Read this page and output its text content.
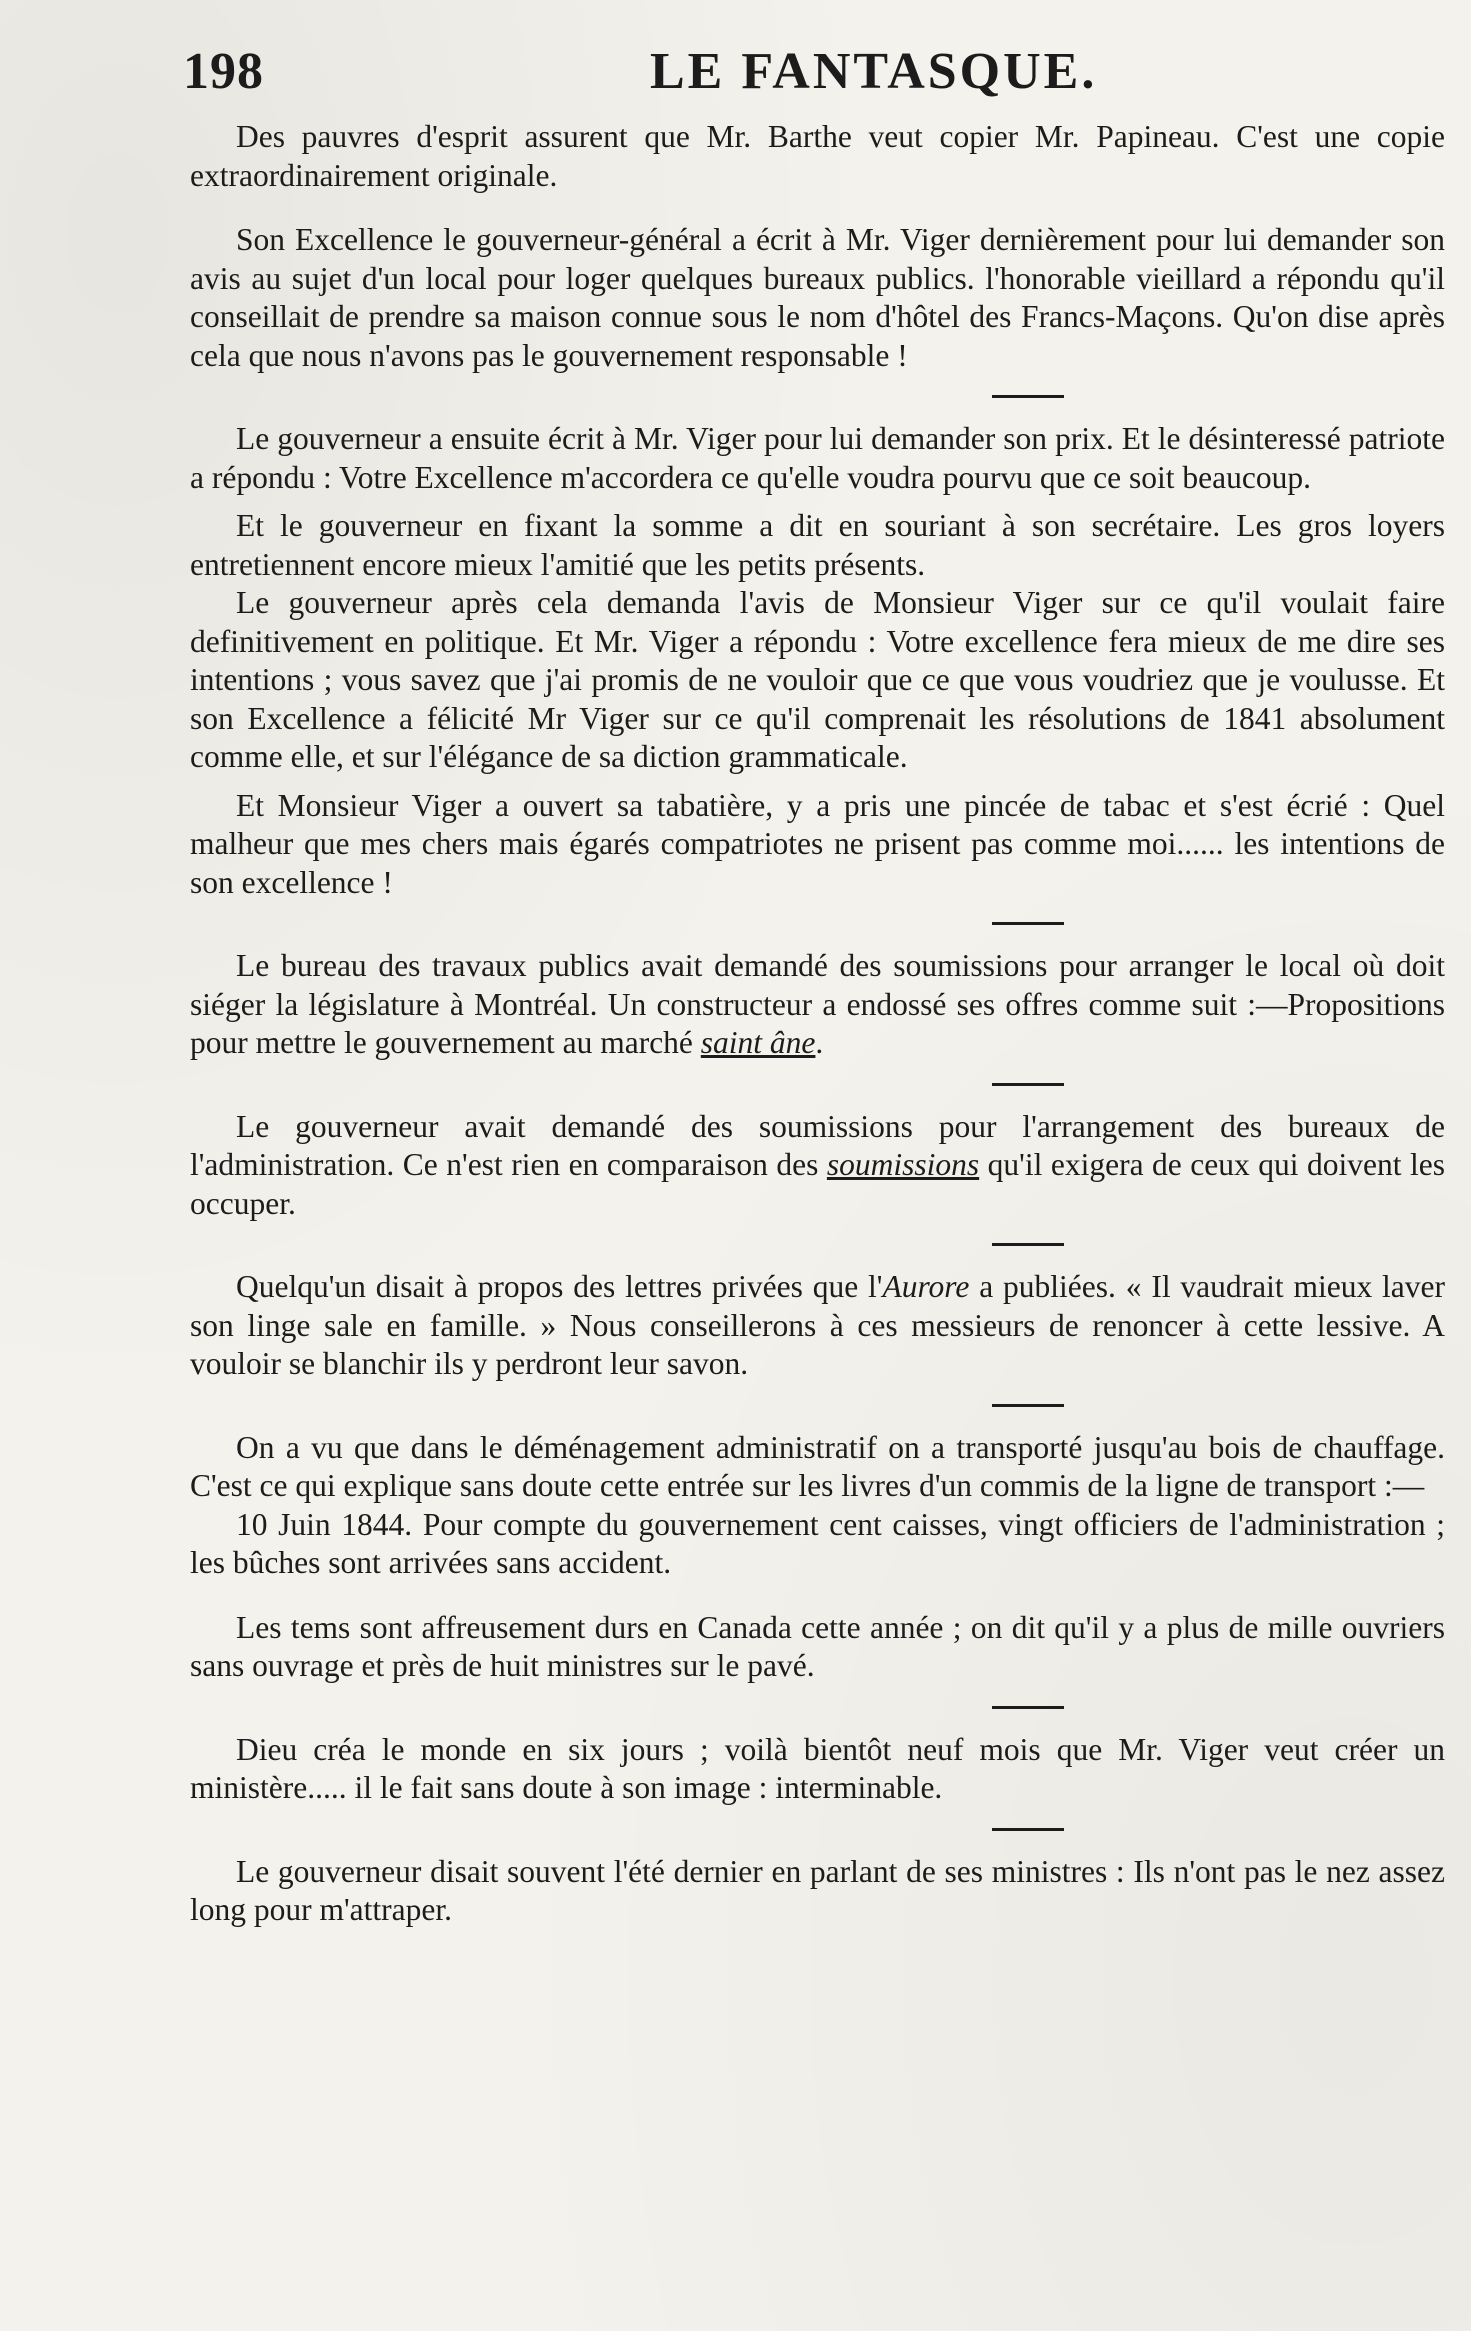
198	LE FANTASQUE.

Des pauvres d'esprit assurent que Mr. Barthe veut copier Mr. Papineau. C'est une copie extraordinairement originale.

Son Excellence le gouverneur-général a écrit à Mr. Viger dernièrement pour lui demander son avis au sujet d'un local pour loger quelques bureaux publics. l'honorable vieillard a répondu qu'il conseillait de prendre sa maison connue sous le nom d'hôtel des Francs-Maçons. Qu'on dise après cela que nous n'avons pas le gouvernement responsable !

Le gouverneur a ensuite écrit à Mr. Viger pour lui demander son prix. Et le désinteressé patriote a répondu : Votre Excellence m'accordera ce qu'elle voudra pourvu que ce soit beaucoup.

Et le gouverneur en fixant la somme a dit en souriant à son secrétaire. Les gros loyers entretiennent encore mieux l'amitié que les petits présents.

Le gouverneur après cela demanda l'avis de Monsieur Viger sur ce qu'il voulait faire definitivement en politique. Et Mr. Viger a répondu : Votre excellence fera mieux de me dire ses intentions ; vous savez que j'ai promis de ne vouloir que ce que vous voudriez que je voulusse. Et son Excellence a félicité Mr Viger sur ce qu'il comprenait les résolutions de 1841 absolument comme elle, et sur l'élégance de sa diction grammaticale.

Et Monsieur Viger a ouvert sa tabatière, y a pris une pincée de tabac et s'est écrié : Quel malheur que mes chers mais égarés compatriotes ne prisent pas comme moi...... les intentions de son excellence !

Le bureau des travaux publics avait demandé des soumissions pour arranger le local où doit siéger la législature à Montréal. Un constructeur a endossé ses offres comme suit :—Propositions pour mettre le gouvernement au marché saint âne.

Le gouverneur avait demandé des soumissions pour l'arrangement des bureaux de l'administration. Ce n'est rien en comparaison des soumissions qu'il exigera de ceux qui doivent les occuper.

Quelqu'un disait à propos des lettres privées que l'Aurore a publiées. « Il vaudrait mieux laver son linge sale en famille. » Nous conseillerons à ces messieurs de renoncer à cette lessive. A vouloir se blanchir ils y perdront leur savon.

On a vu que dans le déménagement administratif on a transporté jusqu'au bois de chauffage. C'est ce qui explique sans doute cette entrée sur les livres d'un commis de la ligne de transport :—

10 Juin 1844. Pour compte du gouvernement cent caisses, vingt officiers de l'administration ; les bûches sont arrivées sans accident.

Les tems sont affreusement durs en Canada cette année ; on dit qu'il y a plus de mille ouvriers sans ouvrage et près de huit ministres sur le pavé.

Dieu créa le monde en six jours ; voilà bientôt neuf mois que Mr. Viger veut créer un ministère..... il le fait sans doute à son image : interminable.

Le gouverneur disait souvent l'été dernier en parlant de ses ministres : Ils n'ont pas le nez assez long pour m'attraper.
